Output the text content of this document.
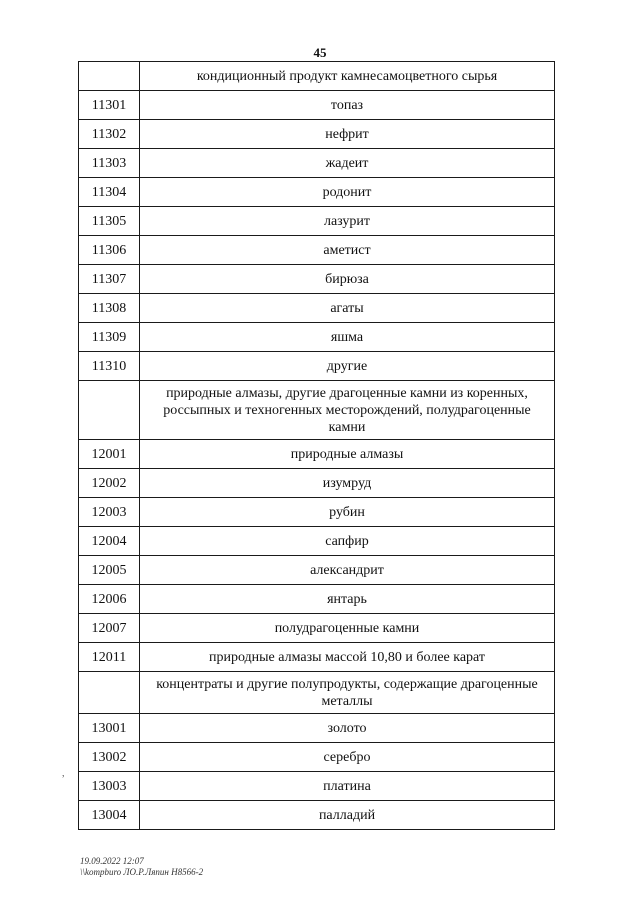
45
	кондиционный продукт камнесамоцветного сырья
11301	топаз
11302	нефрит
11303	жадеит
11304	родонит
11305	лазурит
11306	аметист
11307	бирюза
11308	агаты
11309	яшма
11310	другие
	природные алмазы, другие драгоценные камни из коренных, россыпных и техногенных месторождений, полудрагоценные камни
12001	природные алмазы
12002	изумруд
12003	рубин
12004	сапфир
12005	александрит
12006	янтарь
12007	полудрагоценные камни
12011	природные алмазы массой 10,80 и более карат
	концентраты и другие полупродукты, содержащие драгоценные металлы
13001	золото
13002	серебро
13003	платина
13004	палладий
,
19.09.2022 12:07
\\kompburo ЛО.Р.Ляпин Н8566-2
